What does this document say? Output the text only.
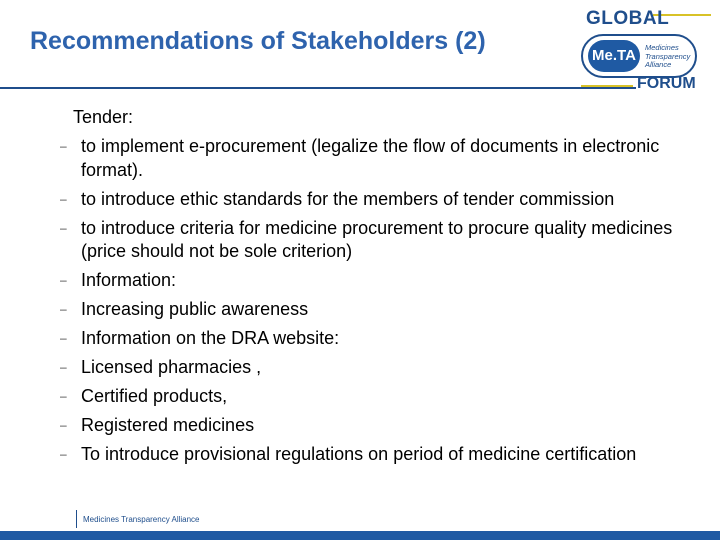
Recommendations of Stakeholders (2)
GLOBAL
Me.TA	Medicines
Transparency
Alliance
FORUM
Tender:
– to implement e-procurement (legalize the flow of documents in electronic format).
– to introduce ethic standards for the members of tender commission
– to introduce criteria for medicine procurement to procure quality medicines (price should not be sole criterion)
– Information:
– Increasing public awareness
– Information on the DRA website:
– Licensed pharmacies ,
– Certified products,
– Registered medicines
– To introduce provisional regulations on period of medicine certification
Medicines Transparency Alliance
